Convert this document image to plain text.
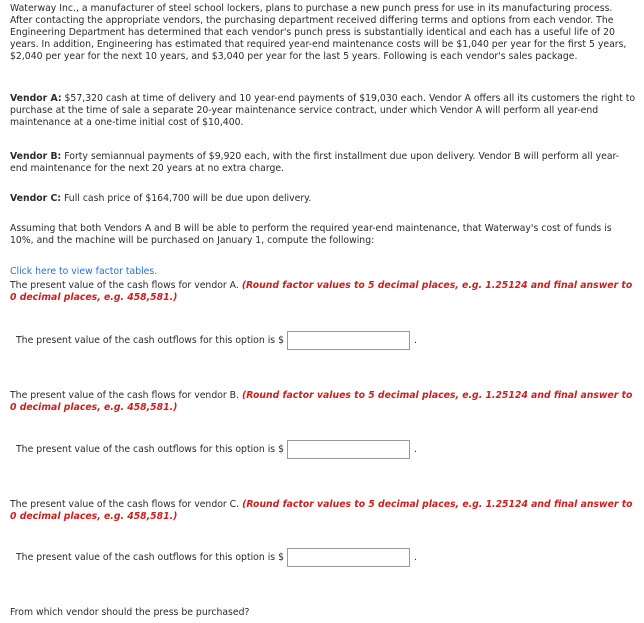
Waterway Inc., a manufacturer of steel school lockers, plans to purchase a new punch press for use in its manufacturing process. After contacting the appropriate vendors, the purchasing department received differing terms and options from each vendor. The Engineering Department has determined that each vendor's punch press is substantially identical and each has a useful life of 20 years. In addition, Engineering has estimated that required year-end maintenance costs will be $1,040 per year for the first 5 years, $2,040 per year for the next 10 years, and $3,040 per year for the last 5 years. Following is each vendor's sales package.

Vendor A: $57,320 cash at time of delivery and 10 year-end payments of $19,030 each. Vendor A offers all its customers the right to purchase at the time of sale a separate 20-year maintenance service contract, under which Vendor A will perform all year-end maintenance at a one-time initial cost of $10,400.

Vendor B: Forty semiannual payments of $9,920 each, with the first installment due upon delivery. Vendor B will perform all year-end maintenance for the next 20 years at no extra charge.

Vendor C: Full cash price of $164,700 will be due upon delivery.

Assuming that both Vendors A and B will be able to perform the required year-end maintenance, that Waterway's cost of funds is 10%, and the machine will be purchased on January 1, compute the following:

Click here to view factor tables.

The present value of the cash flows for vendor A. (Round factor values to 5 decimal places, e.g. 1.25124 and final answer to 0 decimal places, e.g. 458,581.)

The present value of the cash outflows for this option is $	.

The present value of the cash flows for vendor B. (Round factor values to 5 decimal places, e.g. 1.25124 and final answer to 0 decimal places, e.g. 458,581.)

The present value of the cash outflows for this option is $	.

The present value of the cash flows for vendor C. (Round factor values to 5 decimal places, e.g. 1.25124 and final answer to 0 decimal places, e.g. 458,581.)

The present value of the cash outflows for this option is $	.

From which vendor should the press be purchased?
